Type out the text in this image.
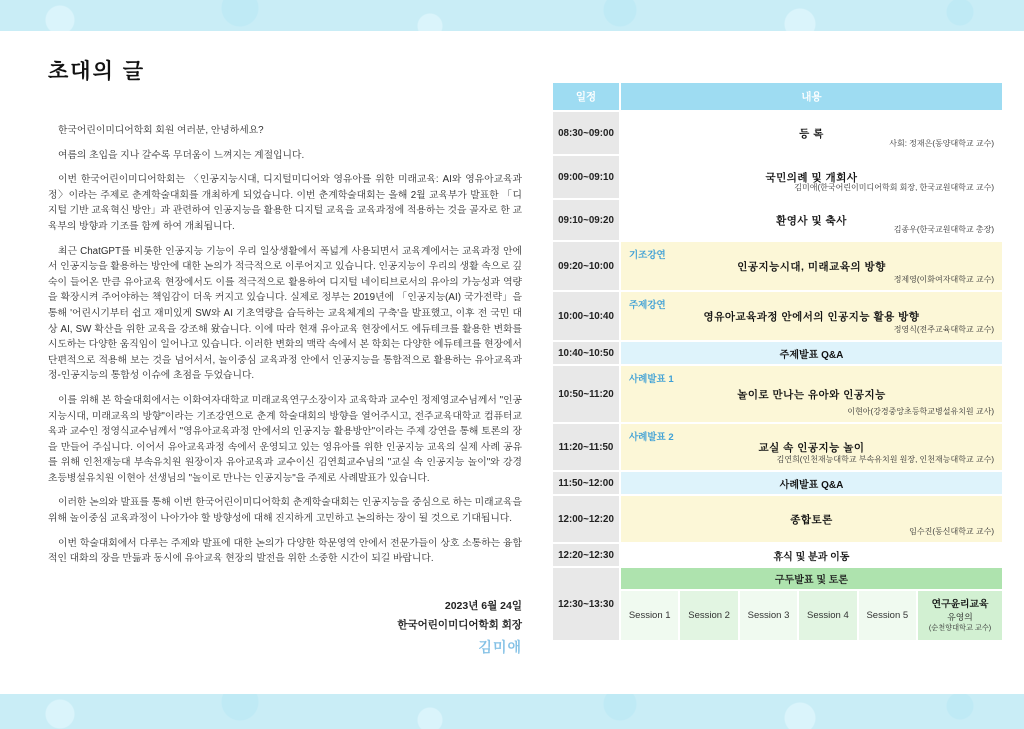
초대의 글

한국어린이미디어학회 회원 여러분, 안녕하세요?

여름의 초입을 지나 갈수록 무더움이 느껴지는 계절입니다.

이번 한국어린이미디어학회는 〈인공지능시대, 디지털미디어와 영유아를 위한 미래교육: AI와 영유아교육과정〉이라는 주제로 춘계학술대회를 개최하게 되었습니다. 이번 춘계학술대회는 올해 2월 교육부가 발표한 「디지털 기반 교육혁신 방안」과 관련하여 인공지능을 활용한 디지털 교육을 교육과정에 적용하는 것을 골자로 한 교육부의 방향과 기조를 함께 하여 개최됩니다.

최근 ChatGPT를 비롯한 인공지능 기능이 우리 일상생활에서 폭넓게 사용되면서 교육계에서는 교육과정 안에서 인공지능을 활용하는 방안에 대한 논의가 적극적으로 이루어지고 있습니다. 인공지능이 우리의 생활 속으로 깊숙이 들어온 만큼 유아교육 현장에서도 이를 적극적으로 활용하여 디지털 네이티브로서의 유아의 가능성과 역량을 확장시켜 주어야하는 책임감이 더욱 커지고 있습니다. 실제로 정부는 2019년에 「인공지능(AI) 국가전략」을 통해 '어린시기부터 쉽고 재미있게 SW와 AI 기초역량을 습득하는 교육체계의 구축'을 발표했고, 이후 전 국민 대상 AI, SW 확산을 위한 교육을 강조해 왔습니다. 이에 따라 현재 유아교육 현장에서도 에듀테크를 활용한 변화를 시도하는 다양한 움직임이 일어나고 있습니다. 이러한 변화의 맥락 속에서 본 학회는 다양한 에듀테크를 현장에서 단편적으로 적용해 보는 것을 넘어서서, 놀이중심 교육과정 안에서 인공지능을 통합적으로 활용하는 유아교육과정-인공지능의 통합성 이슈에 초점을 두었습니다.

이를 위해 본 학술대회에서는 이화여자대학교 미래교육연구소장이자 교육학과 교수인 정제영교수님께서 "인공지능시대, 미래교육의 방향"이라는 기조강연으로 춘계 학술대회의 방향을 열어주시고, 전주교육대학교 컴퓨터교육과 교수인 정영식교수님께서 "영유아교육과정 안에서의 인공지능 활용방안"이라는 주제 강연을 통해 토론의 장을 만들어 주십니다. 이어서 유아교육과정 속에서 운영되고 있는 영유아를 위한 인공지능 교육의 실제 사례 공유를 위해 인천재능대 부속유치원 원장이자 유아교육과 교수이신 김연희교수님의 "교실 속 인공지능 놀이"와 강경초등병설유치원 이현아 선생님의 "놀이로 만나는 인공지능"을 주제로 사례발표가 있습니다.

이러한 논의와 발표를 통해 이번 한국어린이미디어학회 춘계학술대회는 인공지능을 중심으로 하는 미래교육을 위해 놀이중심 교육과정이 나아가야 할 방향성에 대해 진지하게 고민하고 논의하는 장이 될 것으로 기대됩니다.

이번 학술대회에서 다루는 주제와 발표에 대한 논의가 다양한 학문영역 안에서 전문가들이 상호 소통하는 융합적인 대화의 장을 만듦과 동시에 유아교육 현장의 발전을 위한 소중한 시간이 되길 바랍니다.

2023년 6월 24일
한국어린이미디어학회 회장
김미애
일정	내용
08:30~09:00	등 록
사회: 정재은(동양대학교 교수)
09:00~09:10	국민의례 및 개회사
김미애(한국어린이미디어학회 회장, 한국교원대학교 교수)
09:10~09:20	환영사 및 축사
김종우(한국교원대학교 총장)
09:20~10:00
기조강연
인공지능시대, 미래교육의 방향
정제영(이화여자대학교 교수)
10:00~10:40
주제강연
영유아교육과정 안에서의 인공지능 활용 방향
정영식(전주교육대학교 교수)
10:40~10:50	주제발표 Q&A
10:50~11:20
사례발표 1
놀이로 만나는 유아와 인공지능
이현아(강경중앙초등학교병설유치원 교사)
11:20~11:50
사례발표 2
교실 속 인공지능 놀이
김연희(인천재능대학교 부속유치원 원장, 인천재능대학교 교수)
11:50~12:00	사례발표 Q&A
12:00~12:20	종합토론
임수진(동신대학교 교수)
12:20~12:30	휴식 및 분과 이동
12:30~13:30
구두발표 및 토론
Session 1	Session 2	Session 3	Session 4	Session 5
연구윤리교육
유영의
(순천향대학교 교수)
